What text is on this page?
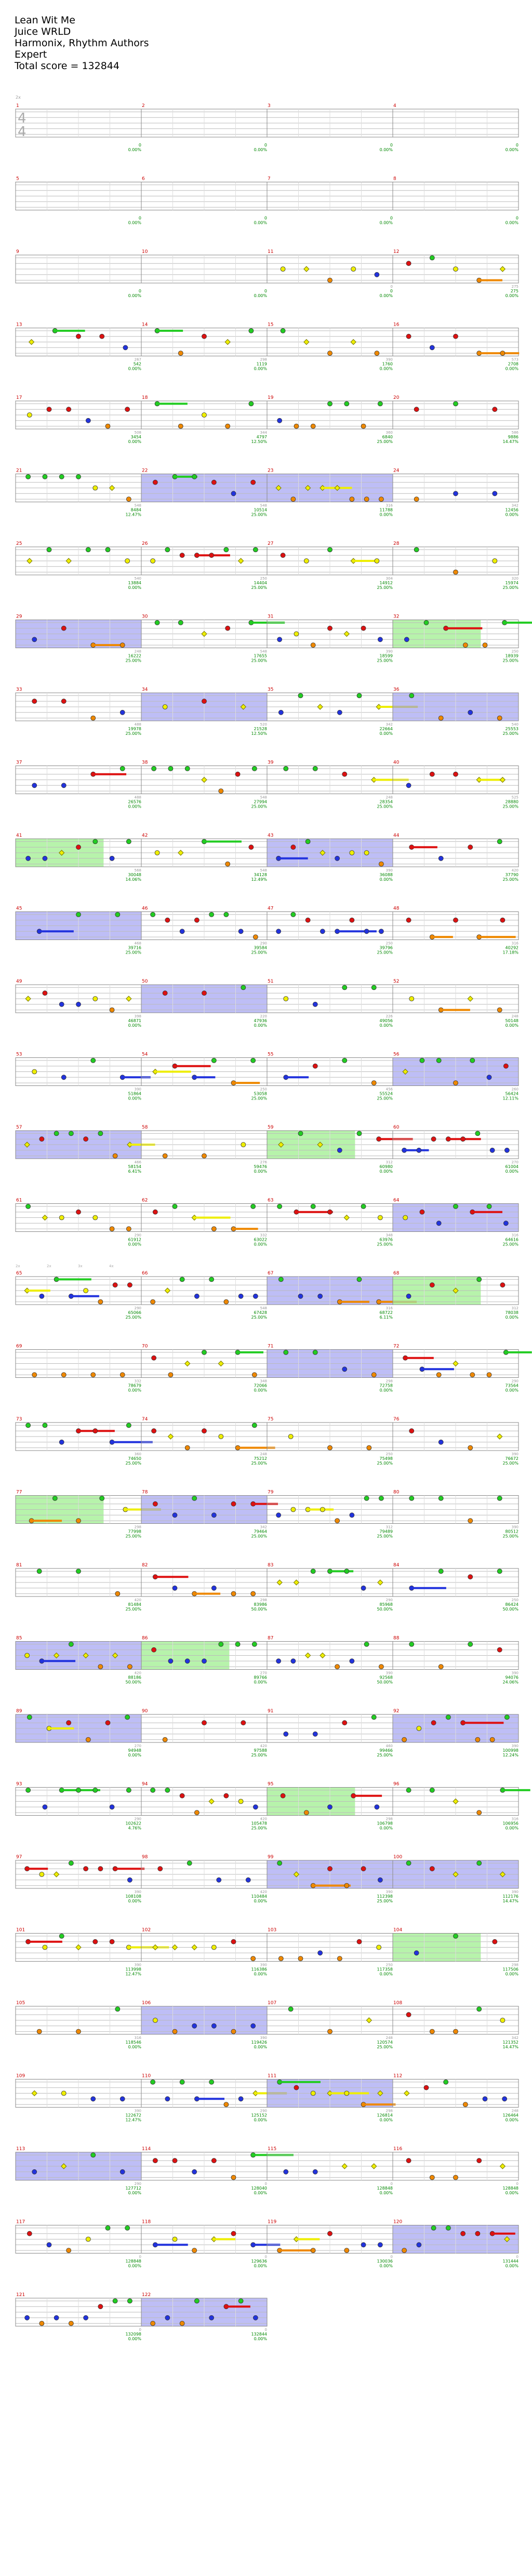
Lean Wit Me
Juice WRLD
Harmonix, Rhythm Authors
Expert
Total score = 132844
2x
1
4
4
0
0.00%
2
0
0.00%
3
0
0.00%
4
0
0.00%
5
0
0.00%
6
0
0.00%
7
0
0.00%
8
0
0.00%
9
0
0.00%
10
0
0.00%
11
0
0
0.00%
12
275
275
0.00%
13
267
542
0.00%
14
298
1119
0.00%
15
390
1760
0.00%
16
573
2708
0.00%
17
508
3454
0.00%
18
344
4797
12.50%
19
360
6840
25.00%
20
586
9886
14.47%
21
548
8484
12.47%
22
548
10514
25.00%
23
316
11788
0.00%
24
342
12456
0.00%
25
540
13884
0.00%
26
250
14404
25.00%
27
304
14912
25.00%
28
320
15974
25.00%
29
248
16222
25.00%
30
548
17655
25.00%
31
390
18599
25.00%
32
250
18939
25.00%
33
488
19978
25.00%
34
520
21528
12.50%
35
342
22664
0.00%
36
540
25553
25.00%
37
488
26576
0.00%
38
548
27994
25.00%
39
248
28354
25.00%
40
525
28880
25.00%
41
568
30048
14.06%
42
548
34128
12.49%
43
390
36088
0.00%
44
420
37790
25.00%
45
468
39716
25.00%
46
290
39584
25.00%
47
250
39796
25.00%
48
316
40292
17.18%
49
398
46871
0.00%
50
220
47936
0.00%
51
226
49056
0.00%
52
248
50148
0.00%
53
390
51864
0.00%
54
250
53058
25.00%
55
456
55524
25.00%
56
260
56424
12.11%
57
466
58154
6.41%
58
276
59476
0.00%
59
312
60980
0.00%
60
270
61004
0.00%
61
290
61912
0.00%
62
332
63022
0.00%
63
348
63976
25.00%
64
316
64616
25.00%
65
290
65066
25.00%
66
548
67428
25.00%
67
316
68722
6.11%
68
312
78038
0.00%
69
332
78679
0.00%
70
348
72066
0.00%
71
298
72758
0.00%
72
290
73564
0.00%
73
360
74650
25.00%
74
248
75212
25.00%
75
250
75498
25.00%
76
390
76672
25.00%
77
298
77998
25.00%
78
342
79464
25.00%
79
312
79489
25.00%
80
390
80512
25.00%
81
420
81484
25.00%
82
298
83986
50.00%
83
290
85968
50.00%
84
250
86424
50.00%
85
420
88186
50.00%
86
270
89766
0.00%
87
390
92568
50.00%
88
390
94076
24.06%
89
270
94948
0.00%
90
420
97588
25.00%
91
460
99466
25.00%
92
390
100998
12.24%
93
290
102622
4.76%
94
420
105478
25.00%
95
298
106798
0.00%
96
316
106956
0.00%
97
390
108108
0.00%
98
420
110484
0.00%
99
390
112398
25.00%
100
390
112176
14.47%
101
390
113998
12.47%
102
390
116386
0.00%
103
250
117358
0.00%
104
298
117506
0.00%
105
316
118546
0.00%
106
390
119426
0.00%
107
248
120574
25.00%
108
342
121352
14.47%
109
390
122672
12.47%
110
290
125152
0.00%
111
298
126814
0.00%
112
248
126464
0.00%
113
290
127712
0.00%
114
0
128040
0.00%
115
0
128848
0.00%
116
0
128848
0.00%
117
0
128848
0.00%
118
0
129636
0.00%
119
0
130036
0.00%
120
0
131444
0.00%
121
0
132098
0.00%
122
0
132844
0.00%
2x	2x	3x	4x
